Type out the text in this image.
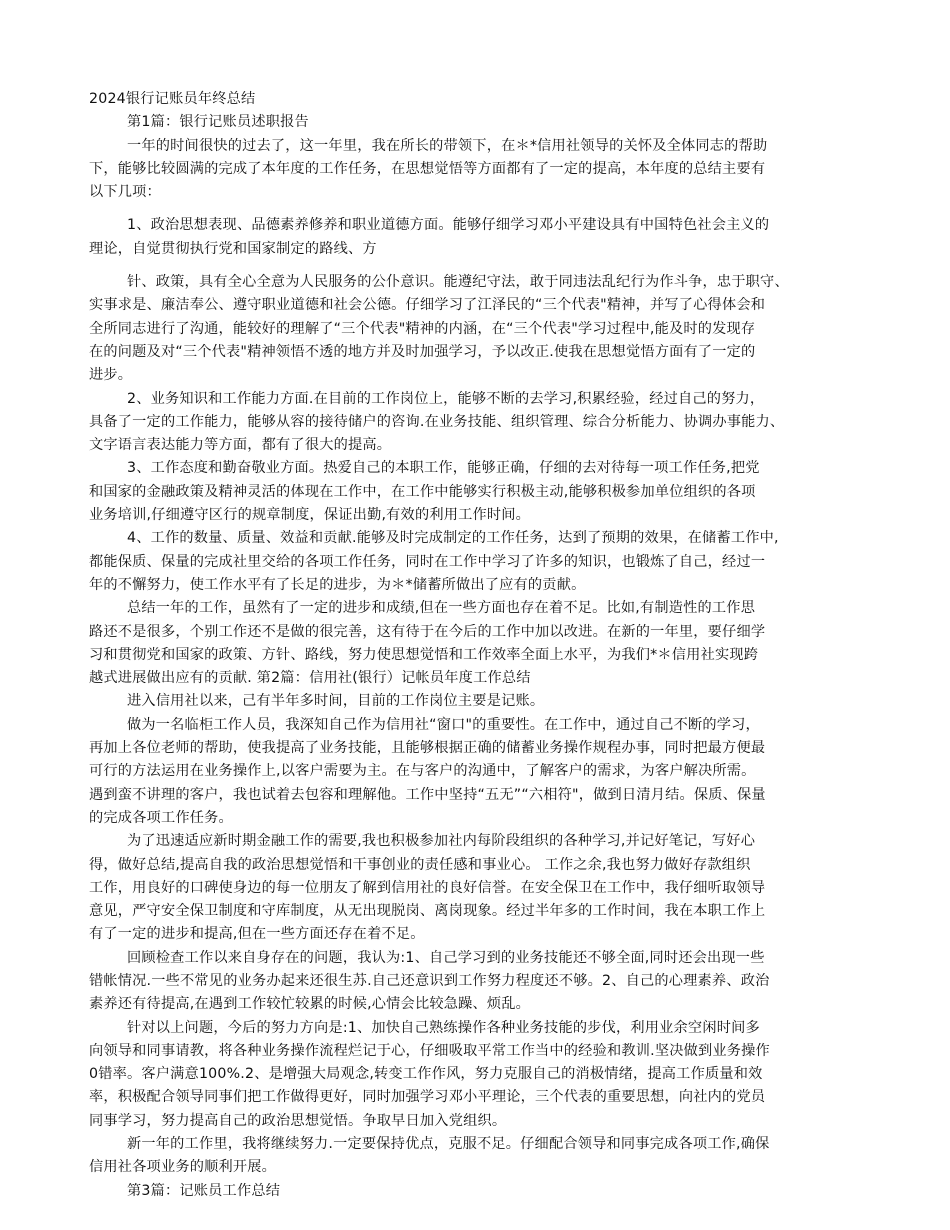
2024银行记账员年终总结
第1篇：银行记账员述职报告
一年的时间很快的过去了，这一年里，我在所长的带领下，在＊*信用社领导的关怀及全体同志的帮助
下，能够比较圆满的完成了本年度的工作任务，在思想觉悟等方面都有了一定的提高，本年度的总结主要有
以下几项：
1、政治思想表现、品德素养修养和职业道德方面。能够仔细学习邓小平建设具有中国特色社会主义的
理论，自觉贯彻执行党和国家制定的路线、方
针、政策，具有全心全意为人民服务的公仆意识。能遵纪守法，敢于同违法乱纪行为作斗争，忠于职守、
实事求是、廉洁奉公、遵守职业道德和社会公德。仔细学习了江泽民的“三个代表"精神，并写了心得体会和
全所同志进行了沟通，能较好的理解了“三个代表"精神的内涵，在“三个代表"学习过程中,能及时的发现存
在的问题及对“三个代表"精神领悟不透的地方并及时加强学习，予以改正.使我在思想觉悟方面有了一定的
进步。
2、业务知识和工作能力方面.在目前的工作岗位上，能够不断的去学习,积累经验，经过自己的努力，
具备了一定的工作能力，能够从容的接待储户的咨询.在业务技能、组织管理、综合分析能力、协调办事能力、
文字语言表达能力等方面，都有了很大的提高。
3、工作态度和勤奋敬业方面。热爱自己的本职工作，能够正确，仔细的去对待每一项工作任务,把党
和国家的金融政策及精神灵活的体现在工作中，在工作中能够实行积极主动,能够积极参加单位组织的各项
业务培训,仔细遵守区行的规章制度，保证出勤,有效的利用工作时间。
4、工作的数量、质量、效益和贡献.能够及时完成制定的工作任务，达到了预期的效果，在储蓄工作中,
都能保质、保量的完成社里交给的各项工作任务，同时在工作中学习了许多的知识，也锻炼了自己，经过一
年的不懈努力，使工作水平有了长足的进步，为＊*储蓄所做出了应有的贡献。
总结一年的工作，虽然有了一定的进步和成绩,但在一些方面也存在着不足。比如,有制造性的工作思
路还不是很多，个别工作还不是做的很完善，这有待于在今后的工作中加以改进。在新的一年里，要仔细学
习和贯彻党和国家的政策、方针、路线，努力使思想觉悟和工作效率全面上水平，为我们*＊信用社实现跨
越式进展做出应有的贡献. 第2篇：信用社(银行）记帐员年度工作总结
进入信用社以来，己有半年多时间，目前的工作岗位主要是记账。
做为一名临柜工作人员，我深知自己作为信用社“窗口"的重要性。在工作中，通过自己不断的学习，
再加上各位老师的帮助，使我提高了业务技能，且能够根据正确的储蓄业务操作规程办事，同时把最方便最
可行的方法运用在业务操作上,以客户需要为主。在与客户的沟通中，了解客户的需求，为客户解决所需。
遇到蛮不讲理的客户，我也试着去包容和理解他。工作中坚持“五无”“六相符"，做到日清月结。保质、保量
的完成各项工作任务。
为了迅速适应新时期金融工作的需要,我也积极参加社内每阶段组织的各种学习,并记好笔记，写好心
得，做好总结,提高自我的政治思想觉悟和干事创业的责任感和事业心。 工作之余,我也努力做好存款组织
工作，用良好的口碑使身边的每一位朋友了解到信用社的良好信誉。在安全保卫在工作中，我仔细听取领导
意见，严守安全保卫制度和守库制度，从无出现脱岗、离岗现象。经过半年多的工作时间，我在本职工作上
有了一定的进步和提高,但在一些方面还存在着不足。
回顾检查工作以来自身存在的问题，我认为:1、自己学习到的业务技能还不够全面,同时还会出现一些
错帐情况.一些不常见的业务办起来还很生苏.自己还意识到工作努力程度还不够。2、自己的心理素养、政治
素养还有待提高,在遇到工作较忙较累的时候,心情会比较急躁、烦乱。
针对以上问题，今后的努力方向是:1、加快自己熟练操作各种业务技能的步伐，利用业余空闲时间多
向领导和同事请教，将各种业务操作流程烂记于心，仔细吸取平常工作当中的经验和教训.坚决做到业务操作
0错率。客户满意100%.2、是增强大局观念,转变工作作风，努力克服自己的消极情绪，提高工作质量和效
率，积极配合领导同事们把工作做得更好，同时加强学习邓小平理论，三个代表的重要思想，向社内的党员
同事学习，努力提高自己的政治思想觉悟。争取早日加入党组织。
新一年的工作里，我将继续努力.一定要保持优点，克服不足。仔细配合领导和同事完成各项工作,确保
信用社各项业务的顺利开展。
第3篇：记账员工作总结
